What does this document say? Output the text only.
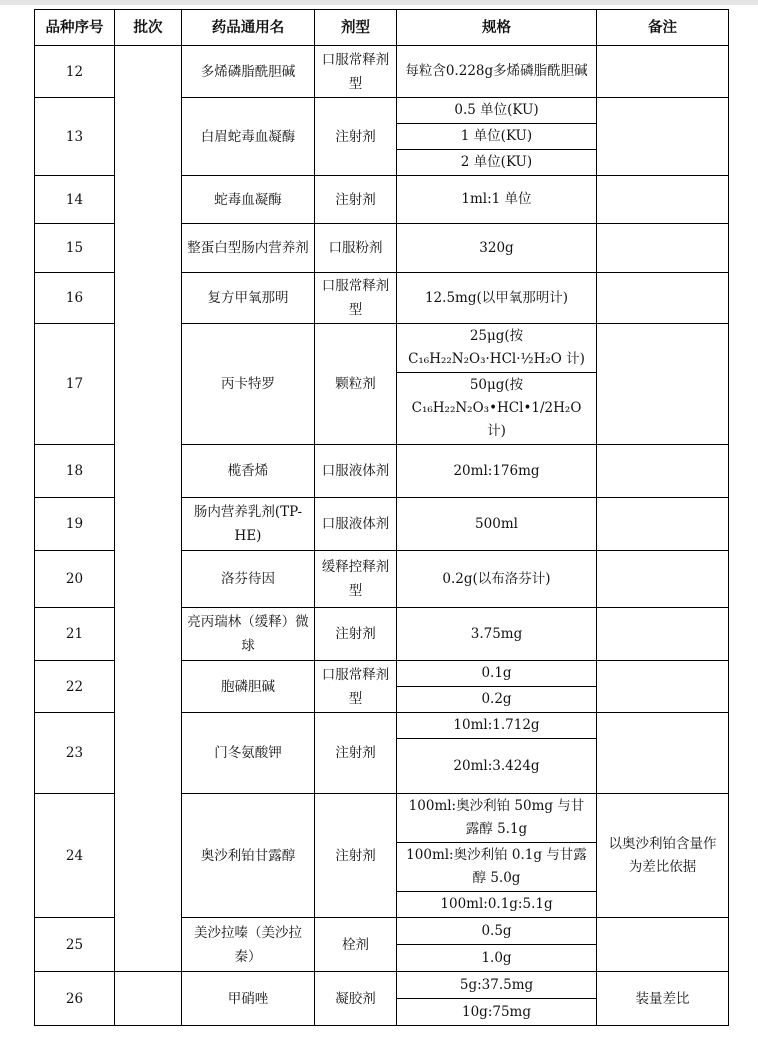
品种序号	批次	药品通用名	剂型	规格	备注
12		多烯磷脂酰胆碱	口服常释剂型	每粒含0.228g多烯磷脂酰胆碱	
13		白眉蛇毒血凝酶	注射剂	0.5 单位(KU)	
				1 单位(KU)	
				2 单位(KU)	
14		蛇毒血凝酶	注射剂	1ml:1 单位	
15		整蛋白型肠内营养剂	口服粉剂	320g	
16		复方甲氧那明	口服常释剂型	12.5mg(以甲氧那明计)	
17		丙卡特罗	颗粒剂	25μg(按C₁₆H₂₂N₂O₃·HCl·½H₂O 计)	
				50μg(按C₁₆H₂₂N₂O₃•HCl•1/2H₂O计)	
18		榄香烯	口服液体剂	20ml:176mg	
19		肠内营养乳剂(TP-HE)	口服液体剂	500ml	
20		洛芬待因	缓释控释剂型	0.2g(以布洛芬计)	
21		亮丙瑞林（缓释）微球	注射剂	3.75mg	
22		胞磷胆碱	口服常释剂型	0.1g	
				0.2g	
23		门冬氨酸钾	注射剂	10ml:1.712g	
				20ml:3.424g	
24		奥沙利铂甘露醇	注射剂	100ml:奥沙利铂 50mg 与甘露醇 5.1g	以奥沙利铂含量作为差比依据
				100ml:奥沙利铂 0.1g 与甘露醇 5.0g	
				100ml:0.1g:5.1g	
25		美沙拉嗪（美沙拉秦）	栓剂	0.5g	
				1.0g	
26		甲硝唑	凝胶剂	5g:37.5mg	装量差比
				10g:75mg	
